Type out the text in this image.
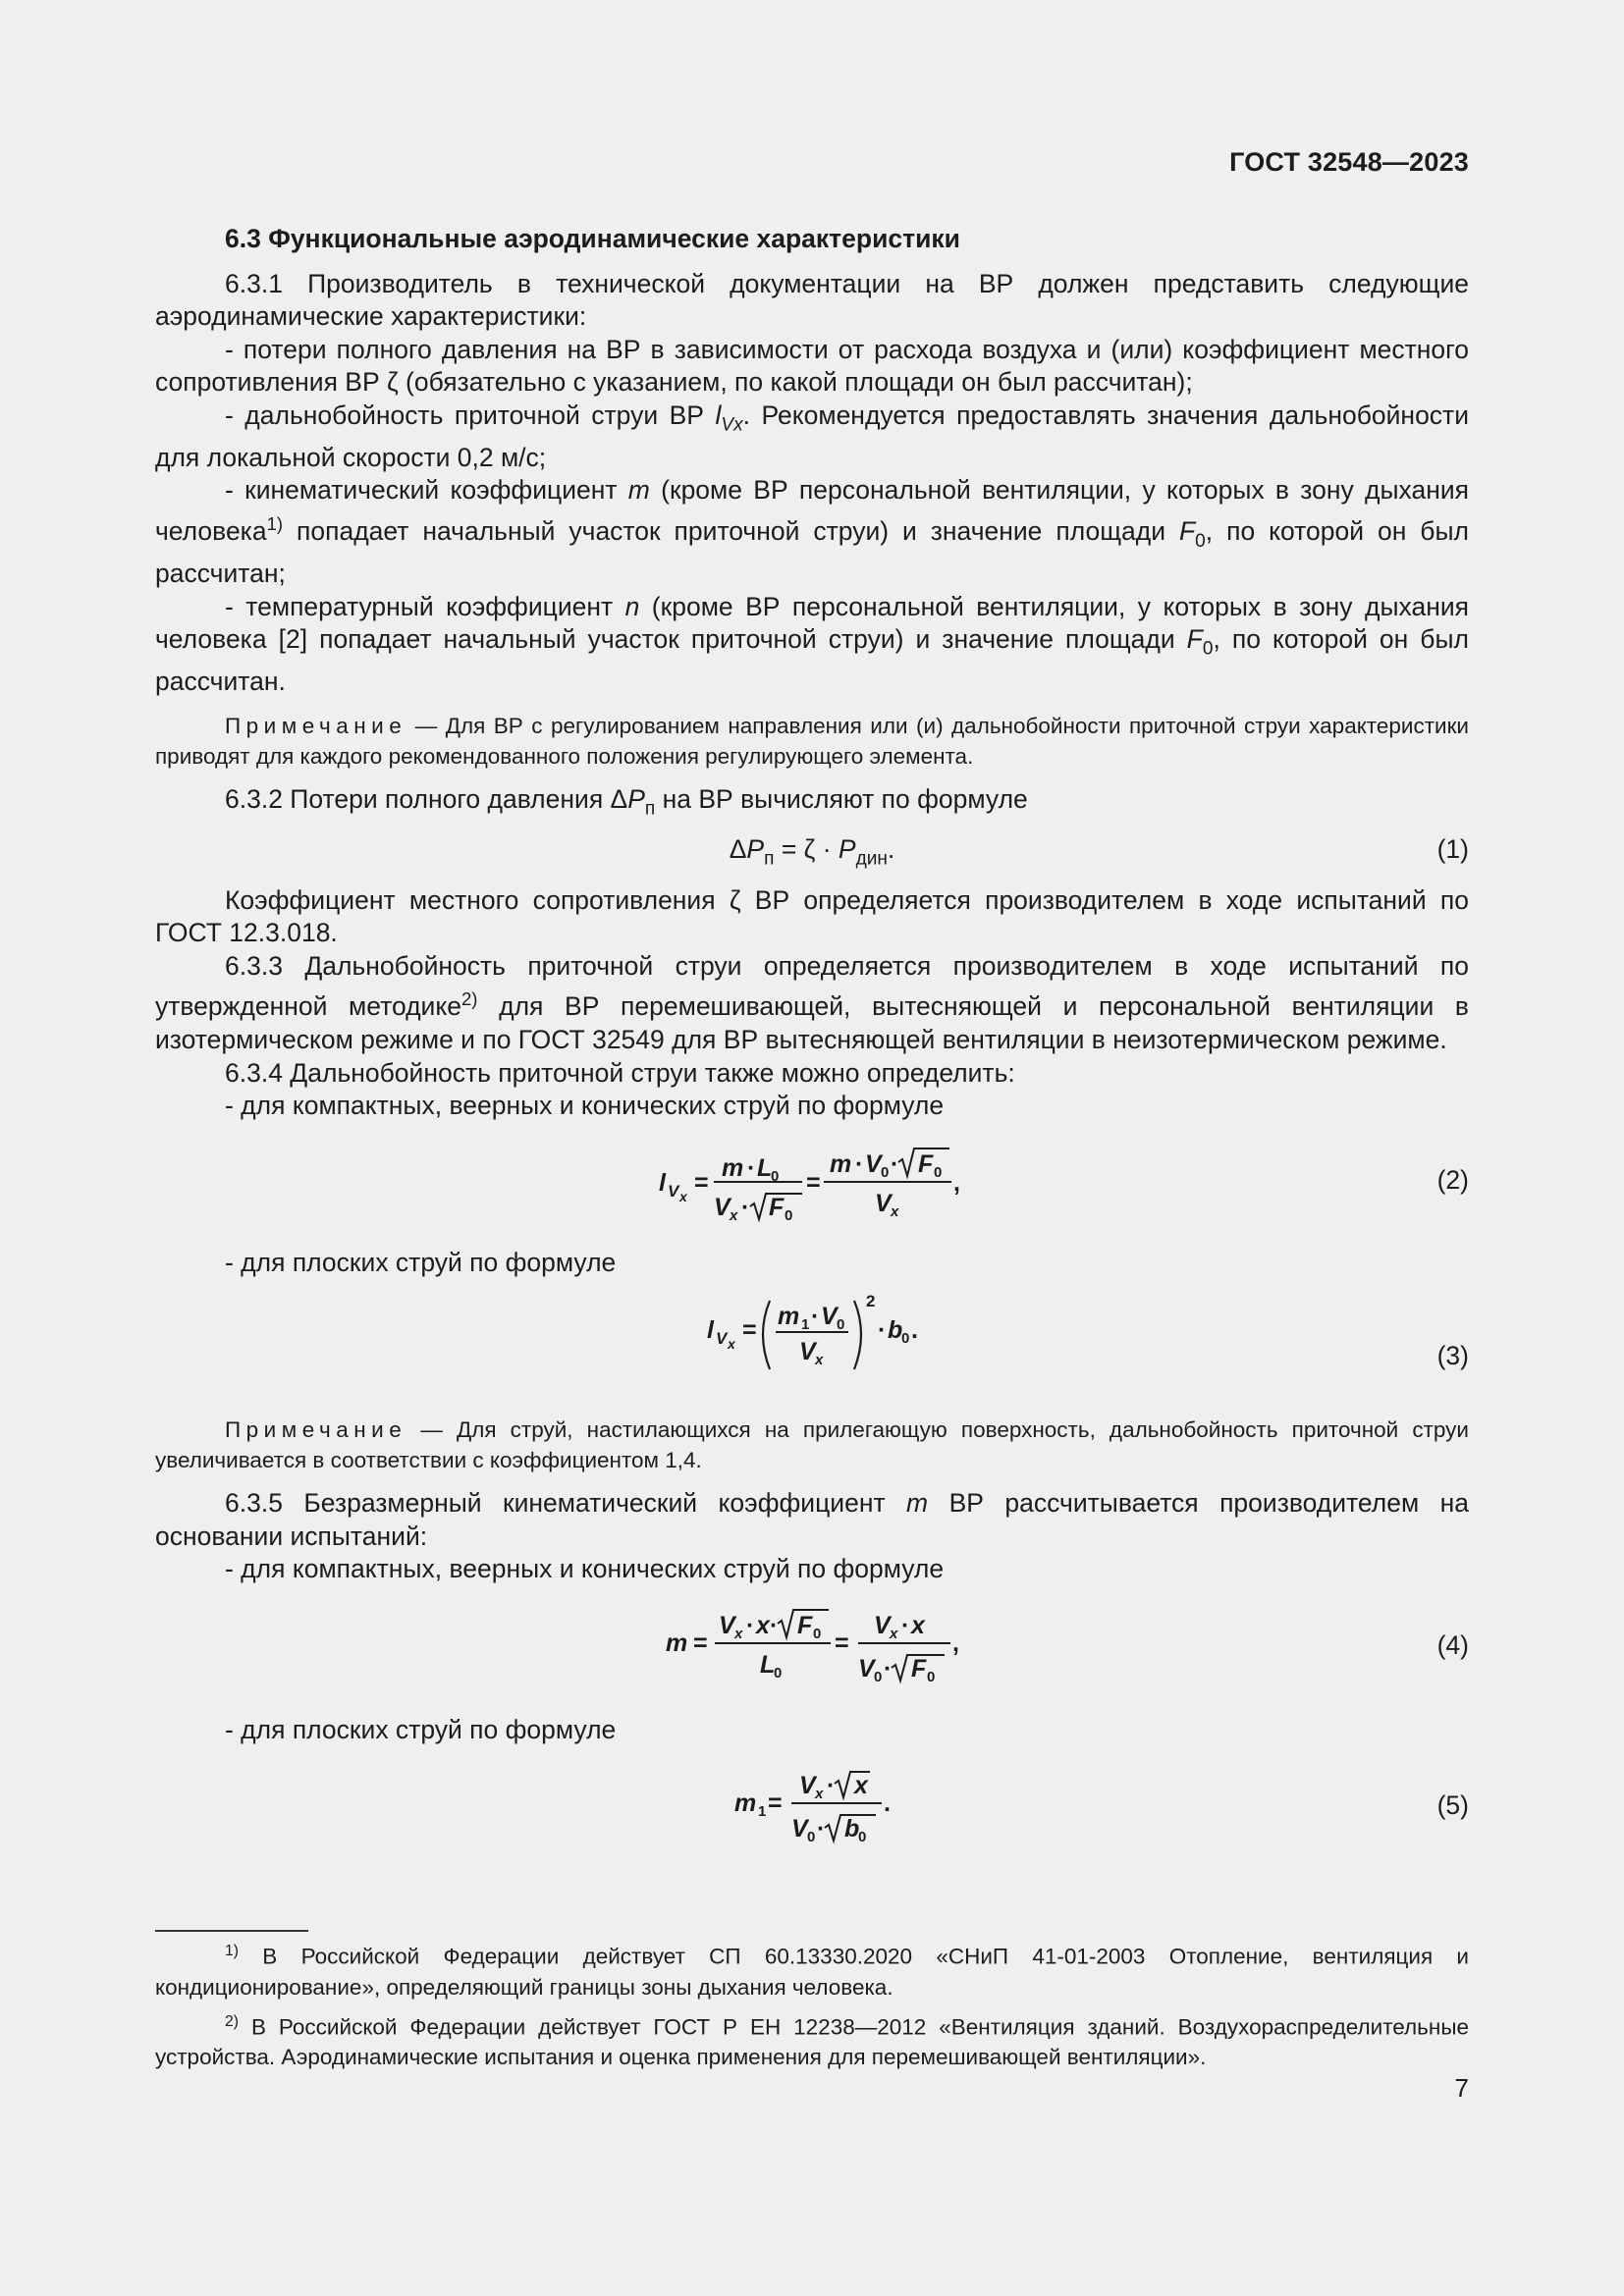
ГОСТ 32548—2023

6.3 Функциональные аэродинамические характеристики

6.3.1 Производитель в технической документации на ВР должен представить следующие аэродинамические характеристики:

- потери полного давления на ВР в зависимости от расхода воздуха и (или) коэффициент местного сопротивления ВР ζ (обязательно с указанием, по какой площади он был рассчитан);

- дальнобойность приточной струи ВР $l_{Vx}$. Рекомендуется предоставлять значения дальнобойности для локальной скорости 0,2 м/с;

- кинематический коэффициент m (кроме ВР персональной вентиляции, у которых в зону дыхания человека$^{1)}$ попадает начальный участок приточной струи) и значение площади $F_0$, по которой он был рассчитан;

- температурный коэффициент n (кроме ВР персональной вентиляции, у которых в зону дыхания человека [2] попадает начальный участок приточной струи) и значение площади $F_0$, по которой он был рассчитан.

Примечание — Для ВР с регулированием направления или (и) дальнобойности приточной струи характеристики приводят для каждого рекомендованного положения регулирующего элемента.

6.3.2 Потери полного давления $\Delta P_п$ на ВР вычисляют по формуле

$\Delta P_п = \zeta \cdot P_{дин}$.	(1)

Коэффициент местного сопротивления ζ ВР определяется производителем в ходе испытаний по ГОСТ 12.3.018.

6.3.3 Дальнобойность приточной струи определяется производителем в ходе испытаний по утвержденной методике$^{2)}$ для ВР перемешивающей, вытесняющей и персональной вентиляции в изотермическом режиме и по ГОСТ 32549 для ВР вытесняющей вентиляции в неизотермическом режиме.

6.3.4 Дальнобойность приточной струи также можно определить:

- для компактных, веерных и конических струй по формуле

l V x =
m · L
0
V x · F 0
=
m · V 0 · F 0
V x
,	(2)

- для плоских струй по формуле

l V x = m 1 · V 0
V x
2
· b
0 .
(3)

Примечание — Для струй, настилающихся на прилегающую поверхность, дальнобойность приточной струи увеличивается в соответствии с коэффициентом 1,4.

6.3.5 Безразмерный кинематический коэффициент m ВР рассчитывается производителем на основании испытаний:

- для компактных, веерных и конических струй по формуле

m =
V x · x · F 0
L
0
=
V x · x
V 0 · F 0
,	(4)

- для плоских струй по формуле

m 1 =
V x · x
V 0 · b
0
.	(5)

$^{1)}$ В Российской Федерации действует СП 60.13330.2020 «СНиП 41-01-2003 Отопление, вентиляция и кондиционирование», определяющий границы зоны дыхания человека.

$^{2)}$ В Российской Федерации действует ГОСТ Р ЕН 12238—2012 «Вентиляция зданий. Воздухораспределительные устройства. Аэродинамические испытания и оценка применения для перемешивающей вентиляции».

7
